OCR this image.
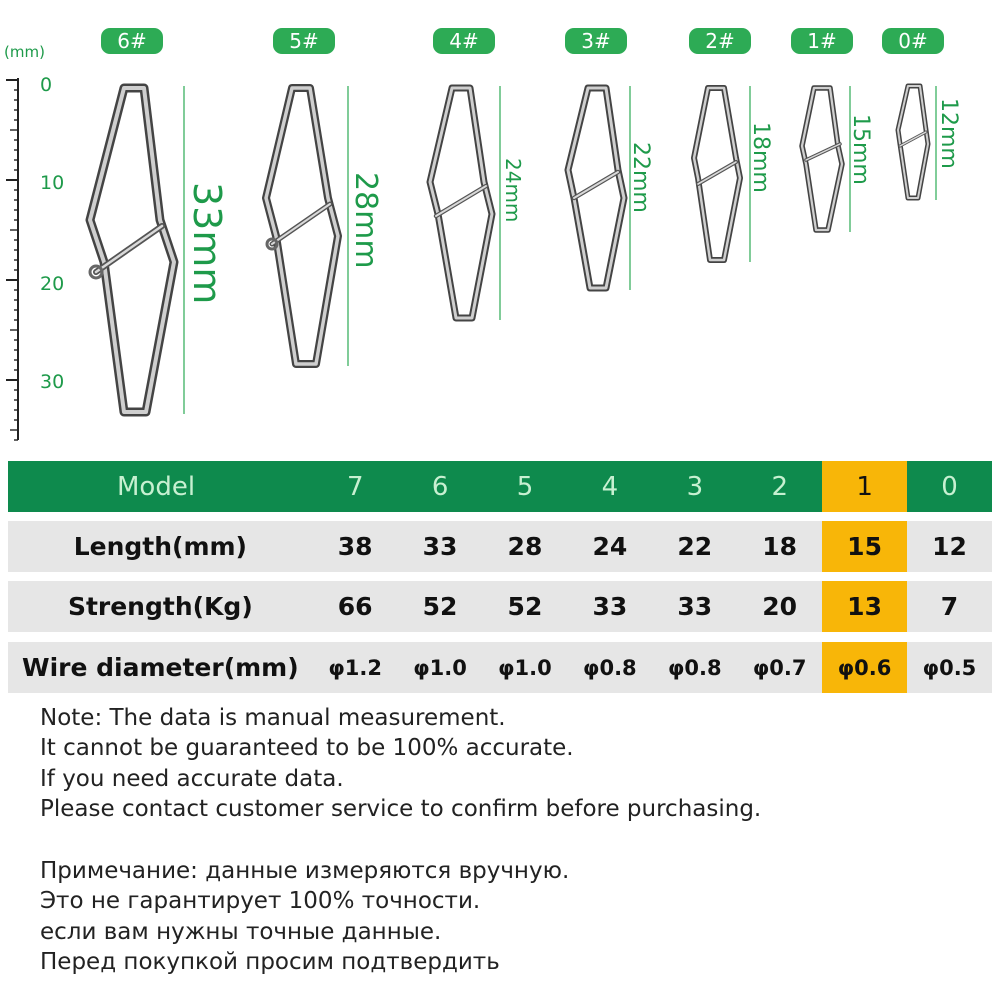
(mm)
0
10
20
30
6#	5#	4#	3#	2#	1#	0#
33mm	28mm	24mm	22mm	18mm	15mm	12mm
Model	7	6	5	4	3	2	1	0
Length(mm)	38	33	28	24	22	18	15	12
Strength(Kg)	66	52	52	33	33	20	13	7
Wire diameter(mm)	φ1.2	φ1.0	φ1.0	φ0.8	φ0.8	φ0.7	φ0.6	φ0.5
Note: The data is manual measurement.
It cannot be guaranteed to be 100% accurate.
If you need accurate data.
Please contact customer service to confirm before purchasing.
Примечание: данные измеряются вручную.
Это не гарантирует 100% точности.
если вам нужны точные данные.
Перед покупкой просим подтвердить
